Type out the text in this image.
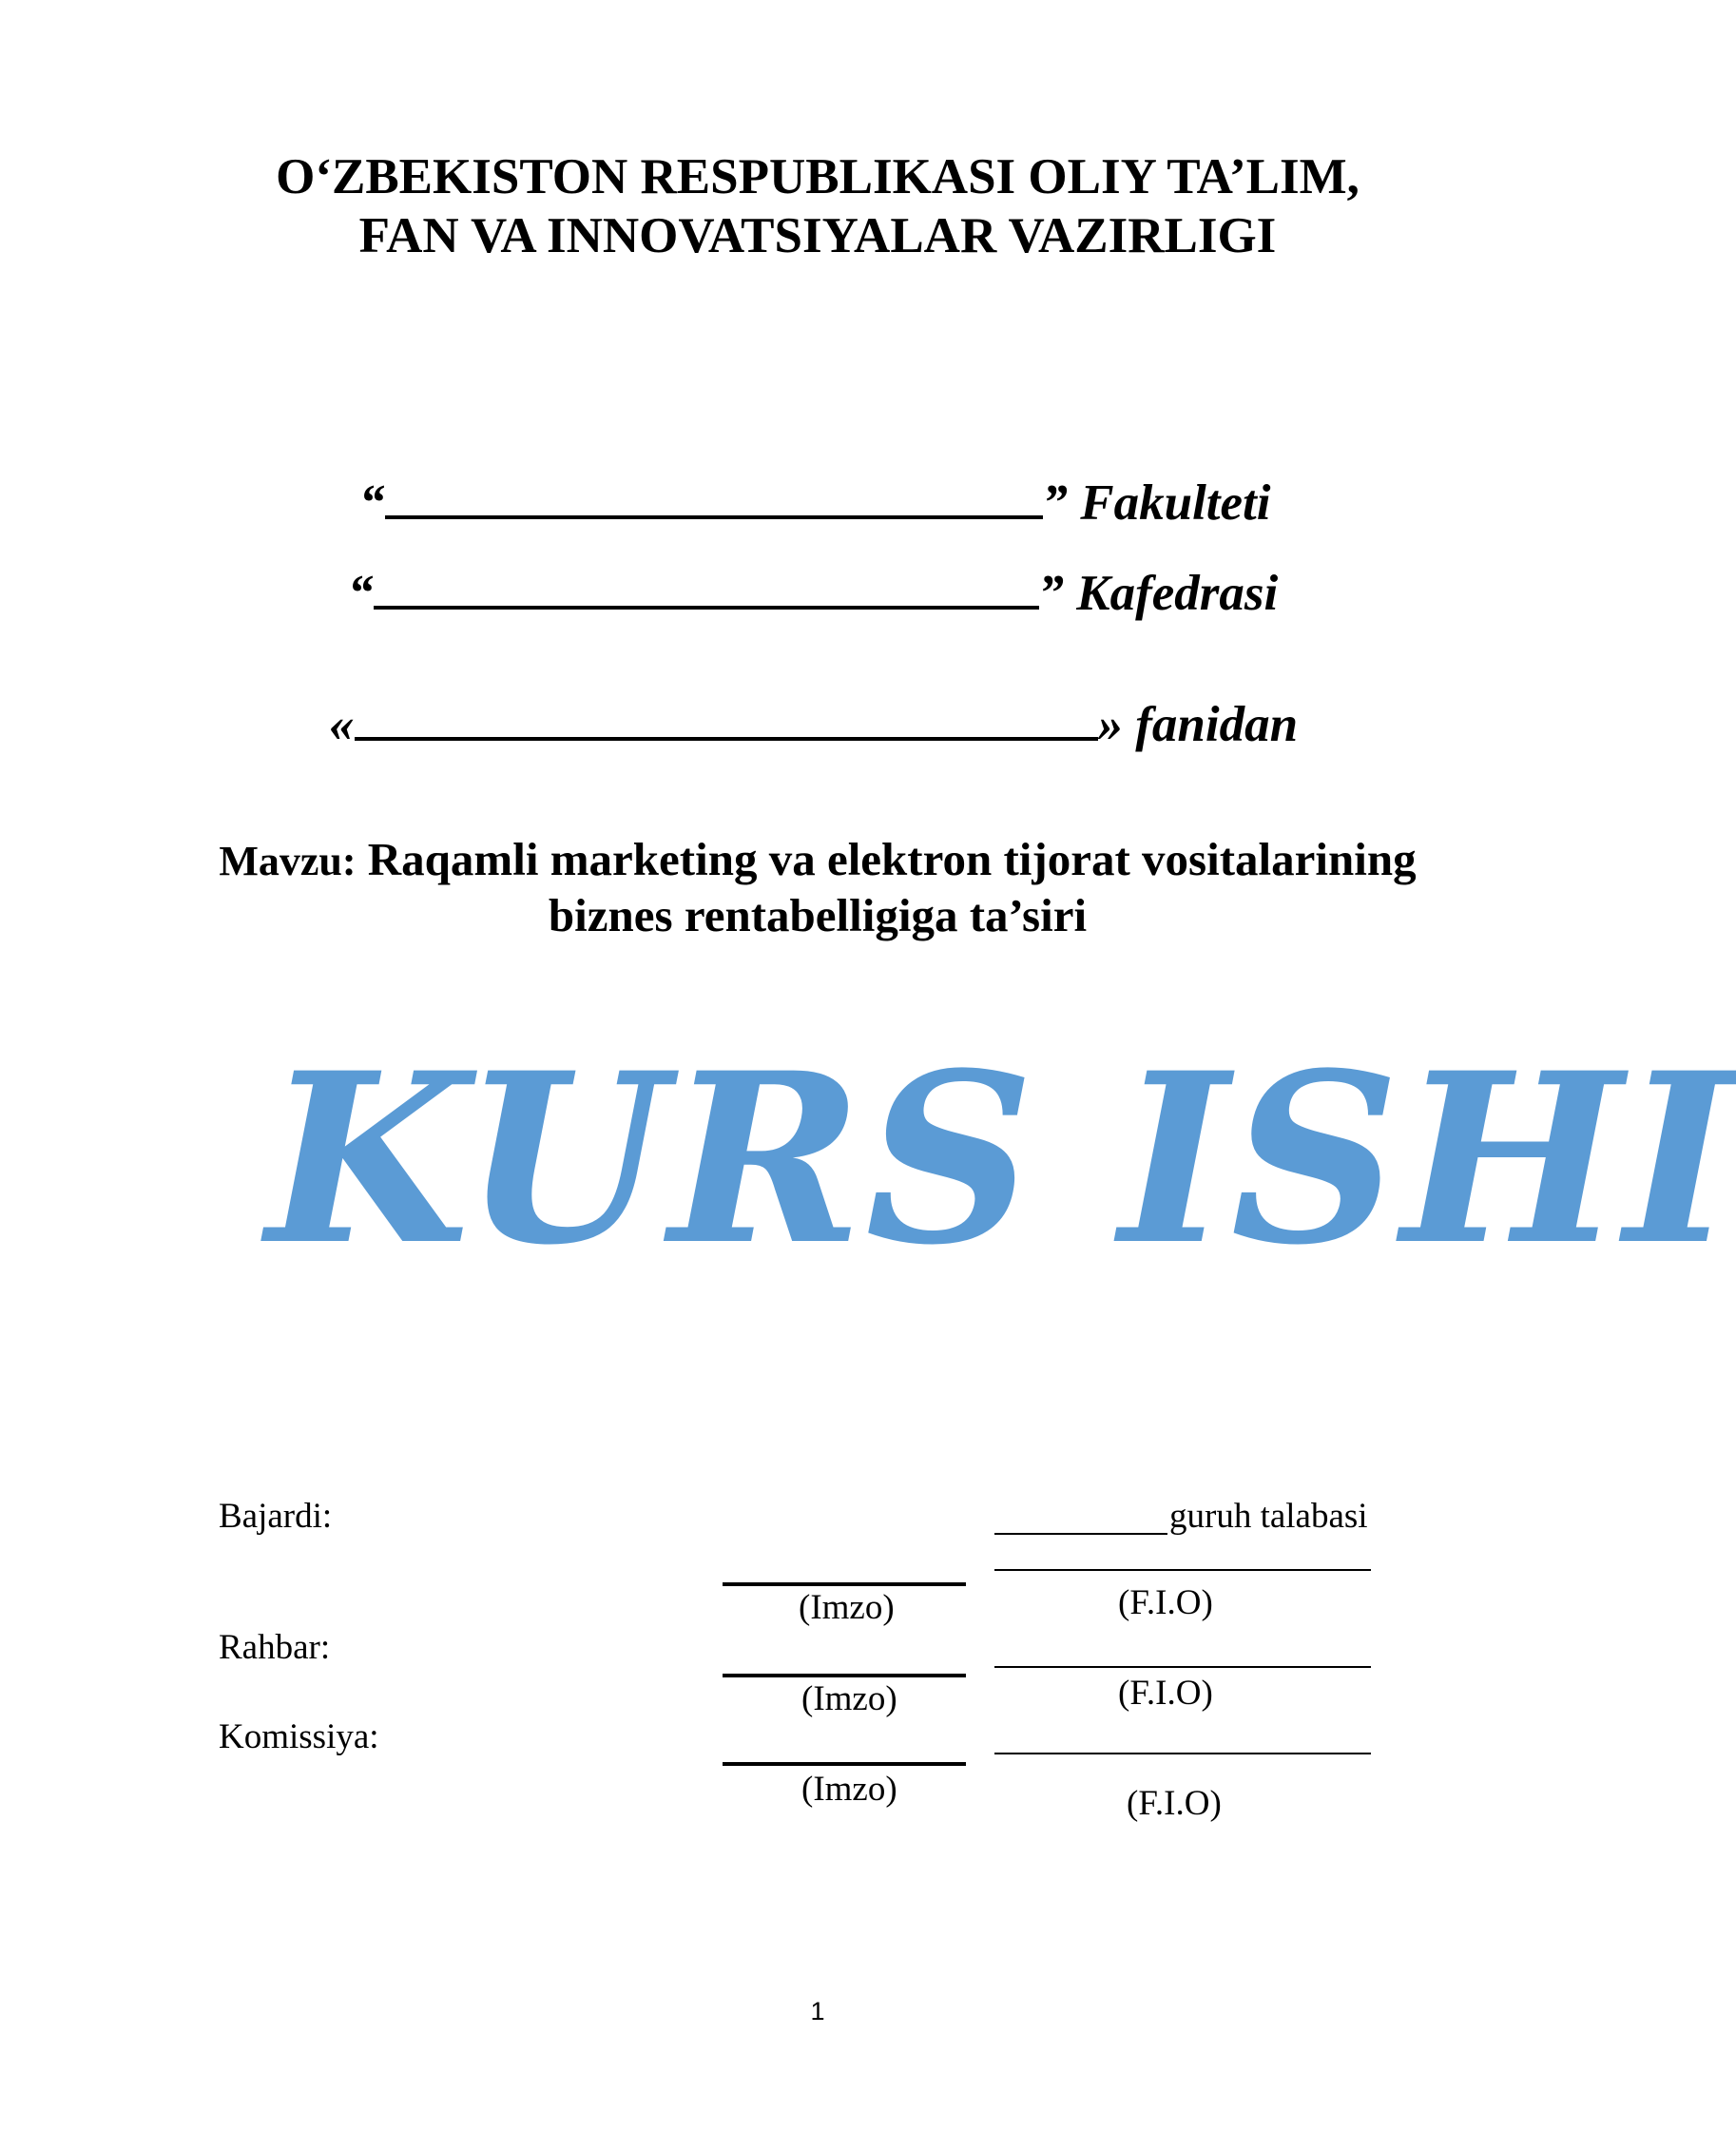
O‘ZBEKISTON RESPUBLIKASI OLIY TA’LIM,
FAN VA INNOVATSIYALAR VAZIRLIGI
“	” Fakulteti
“	” Kafedrasi
«	» fanidan
Mavzu: Raqamli marketing va elektron tijorat vositalarining
biznes rentabelligiga ta’siri
KURS ISHI
Bajardi:	guruh talabasi
(Imzo)	(F.I.O)
Rahbar:
(Imzo)	(F.I.O)
Komissiya:
(Imzo)	(F.I.O)
1
